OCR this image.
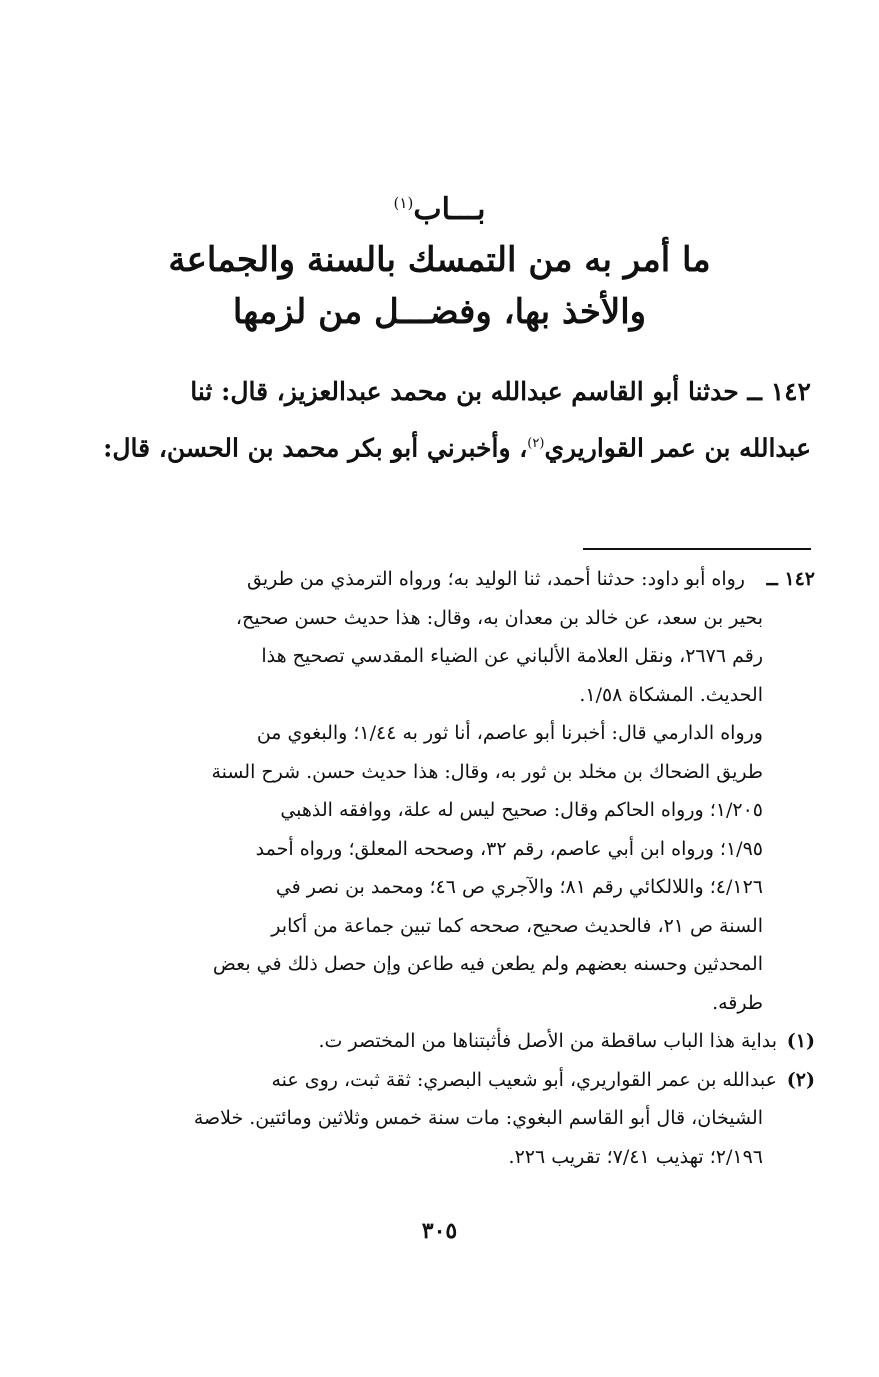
بـــاب$^{(١)}$
ما أمر به من التمسك بالسنة والجماعة
والأخذ بها، وفضـــل من لزمها
١٤٢ ــ حدثنا أبو القاسم عبدالله بن محمد عبدالعزيز، قال: ثنا
عبدالله بن عمر القواريري$^{(٢)}$، وأخبرني أبو بكر محمد بن الحسن، قال:
١٤٢ ــ
رواه أبو داود: حدثنا أحمد، ثنا الوليد به؛ ورواه الترمذي من طريق
بحير بن سعد، عن خالد بن معدان به، وقال: هذا حديث حسن صحيح،
رقم ٢٦٧٦، ونقل العلامة الألباني عن الضياء المقدسي تصحيح هذا
الحديث. المشكاة ١/٥٨.
ورواه الدارمي قال: أخبرنا أبو عاصم، أنا ثور به ١/٤٤؛ والبغوي من
طريق الضحاك بن مخلد بن ثور به، وقال: هذا حديث حسن. شرح السنة
١/٢٠٥؛ ورواه الحاكم وقال: صحيح ليس له علة، ووافقه الذهبي
١/٩٥؛ ورواه ابن أبي عاصم، رقم ٣٢، وصححه المعلق؛ ورواه أحمد
٤/١٢٦؛ واللالكائي رقم ٨١؛ والآجري ص ٤٦؛ ومحمد بن نصر في
السنة ص ٢١، فالحديث صحيح، صححه كما تبين جماعة من أكابر
المحدثين وحسنه بعضهم ولم يطعن فيه طاعن وإن حصل ذلك في بعض
طرقه.
(١)
بداية هذا الباب ساقطة من الأصل فأثبتناها من المختصر ت.
(٢)
عبدالله بن عمر القواريري، أبو شعيب البصري: ثقة ثبت، روى عنه
الشيخان، قال أبو القاسم البغوي: مات سنة خمس وثلاثين ومائتين. خلاصة
٢/١٩٦؛ تهذيب ٧/٤١؛ تقريب ٢٢٦.
٣٠٥
